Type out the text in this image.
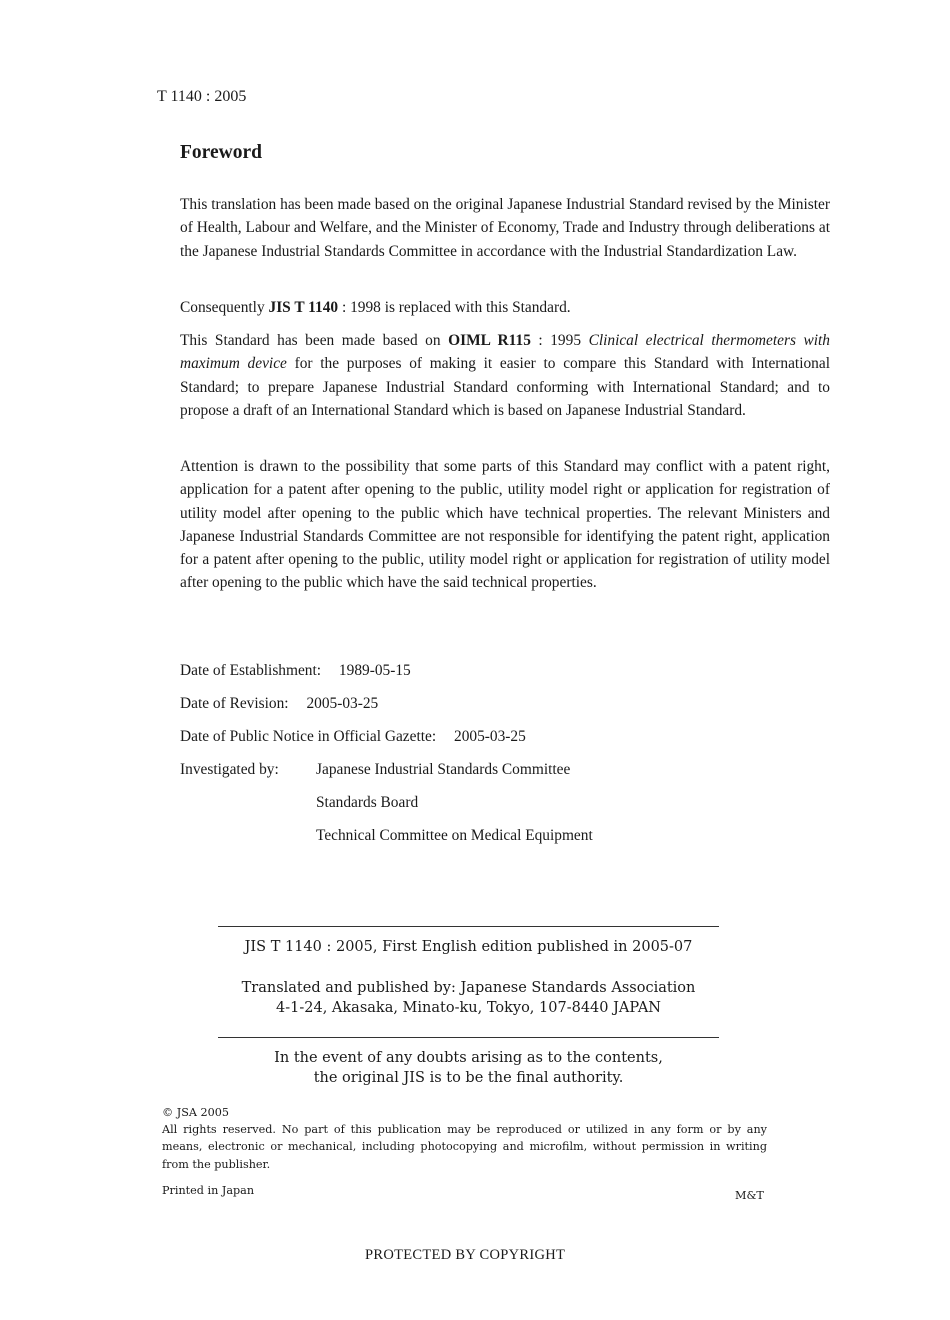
T 1140 : 2005
Foreword

This translation has been made based on the original Japanese Industrial Standard revised by the Minister of Health, Labour and Welfare, and the Minister of Economy, Trade and Industry through deliberations at the Japanese Industrial Standards Committee in accordance with the Industrial Standardization Law.

Consequently JIS T 1140 : 1998 is replaced with this Standard.

This Standard has been made based on OIML R115 : 1995 Clinical electrical thermometers with maximum device for the purposes of making it easier to compare this Standard with International Standard; to prepare Japanese Industrial Standard conforming with International Standard; and to propose a draft of an International Standard which is based on Japanese Industrial Standard.

Attention is drawn to the possibility that some parts of this Standard may conflict with a patent right, application for a patent after opening to the public, utility model right or application for registration of utility model after opening to the public which have technical properties. The relevant Ministers and Japanese Industrial Standards Committee are not responsible for identifying the patent right, application for a patent after opening to the public, utility model right or application for registration of utility model after opening to the public which have the said technical properties.

Date of Establishment: 1989-05-15
Date of Revision: 2005-03-25
Date of Public Notice in Official Gazette: 2005-03-25
Investigated by: Japanese Industrial Standards Committee
Standards Board
Technical Committee on Medical Equipment
JIS T 1140 : 2005, First English edition published in 2005-07
Translated and published by: Japanese Standards Association
4-1-24, Akasaka, Minato-ku, Tokyo, 107-8440 JAPAN
In the event of any doubts arising as to the contents,
the original JIS is to be the final authority.
© JSA 2005
All rights reserved. No part of this publication may be reproduced or utilized in any form or by any means, electronic or mechanical, including photocopying and microfilm, without permission in writing from the publisher.
Printed in Japan	M&T
PROTECTED BY COPYRIGHT
